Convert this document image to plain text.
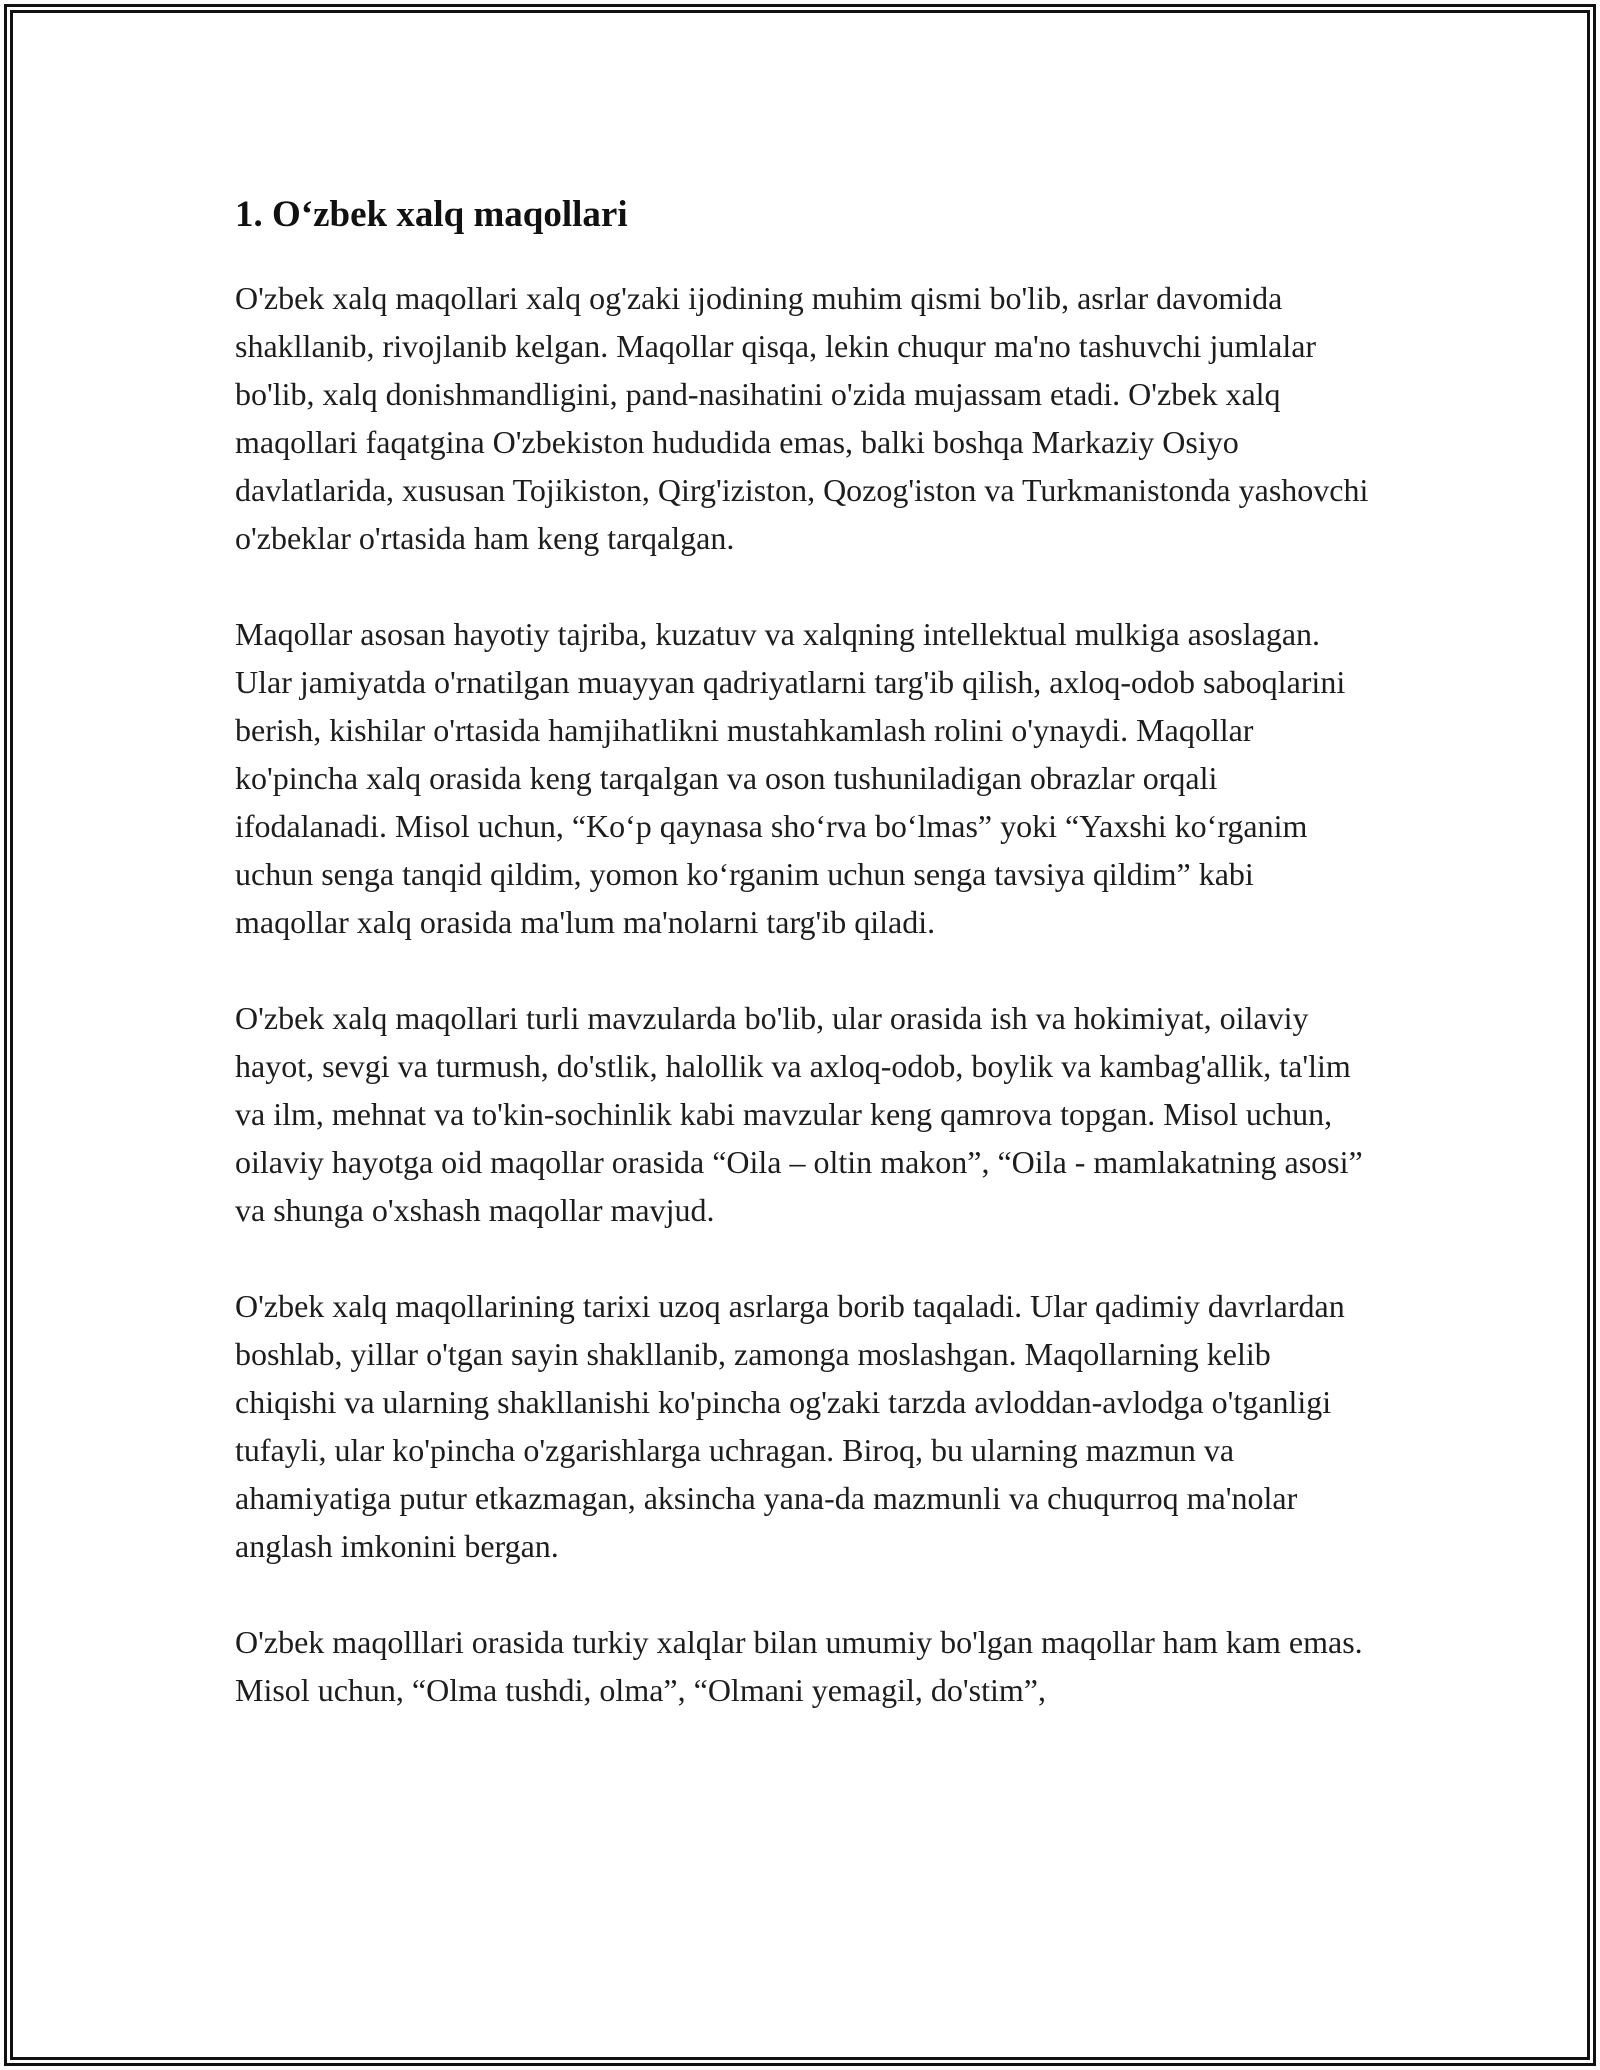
1. O‘zbek xalq maqollari

O'zbek xalq maqollari xalq og'zaki ijodining muhim qismi bo'lib, asrlar davomida shakllanib, rivojlanib kelgan. Maqollar qisqa, lekin chuqur ma'no tashuvchi jumlalar bo'lib, xalq donishmandligini, pand-nasihatini o'zida mujassam etadi. O'zbek xalq maqollari faqatgina O'zbekiston hududida emas, balki boshqa Markaziy Osiyo davlatlarida, xususan Tojikiston, Qirg'iziston, Qozog'iston va Turkmanistonda yashovchi o'zbeklar o'rtasida ham keng tarqalgan.

Maqollar asosan hayotiy tajriba, kuzatuv va xalqning intellektual mulkiga asoslagan. Ular jamiyatda o'rnatilgan muayyan qadriyatlarni targ'ib qilish, axloq-odob saboqlarini berish, kishilar o'rtasida hamjihatlikni mustahkamlash rolini o'ynaydi. Maqollar ko'pincha xalq orasida keng tarqalgan va oson tushuniladigan obrazlar orqali ifodalanadi. Misol uchun, “Ko‘p qaynasa sho‘rva bo‘lmas” yoki “Yaxshi ko‘rganim uchun senga tanqid qildim, yomon ko‘rganim uchun senga tavsiya qildim” kabi maqollar xalq orasida ma'lum ma'nolarni targ'ib qiladi.

O'zbek xalq maqollari turli mavzularda bo'lib, ular orasida ish va hokimiyat, oilaviy hayot, sevgi va turmush, do'stlik, halollik va axloq-odob, boylik va kambag'allik, ta'lim va ilm, mehnat va to'kin-sochinlik kabi mavzular keng qamrova topgan. Misol uchun, oilaviy hayotga oid maqollar orasida “Oila – oltin makon”, “Oila - mamlakatning asosi” va shunga o'xshash maqollar mavjud.

O'zbek xalq maqollarining tarixi uzoq asrlarga borib taqaladi. Ular qadimiy davrlardan boshlab, yillar o'tgan sayin shakllanib, zamonga moslashgan. Maqollarning kelib chiqishi va ularning shakllanishi ko'pincha og'zaki tarzda avloddan-avlodga o'tganligi tufayli, ular ko'pincha o'zgarishlarga uchragan. Biroq, bu ularning mazmun va ahamiyatiga putur etkazmagan, aksincha yana-da mazmunli va chuqurroq ma'nolar anglash imkonini bergan.

O'zbek maqolllari orasida turkiy xalqlar bilan umumiy bo'lgan maqollar ham kam emas. Misol uchun, “Olma tushdi, olma”, “Olmani yemagil, do'stim”,
